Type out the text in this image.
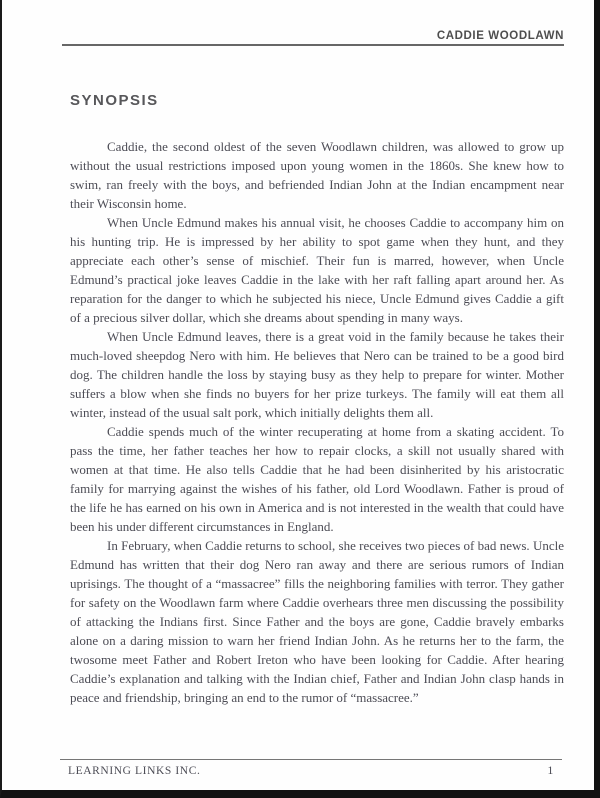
CADDIE WOODLAWN
SYNOPSIS

Caddie, the second oldest of the seven Woodlawn children, was allowed to grow up without the usual restrictions imposed upon young women in the 1860s. She knew how to swim, ran freely with the boys, and befriended Indian John at the Indian encampment near their Wisconsin home.

When Uncle Edmund makes his annual visit, he chooses Caddie to accompany him on his hunting trip. He is impressed by her ability to spot game when they hunt, and they appreciate each other’s sense of mischief. Their fun is marred, however, when Uncle Edmund’s practical joke leaves Caddie in the lake with her raft falling apart around her. As reparation for the danger to which he subjected his niece, Uncle Edmund gives Caddie a gift of a precious silver dollar, which she dreams about spending in many ways.

When Uncle Edmund leaves, there is a great void in the family because he takes their much-loved sheepdog Nero with him. He believes that Nero can be trained to be a good bird dog. The children handle the loss by staying busy as they help to prepare for winter. Mother suffers a blow when she finds no buyers for her prize turkeys. The family will eat them all winter, instead of the usual salt pork, which initially delights them all.

Caddie spends much of the winter recuperating at home from a skating accident. To pass the time, her father teaches her how to repair clocks, a skill not usually shared with women at that time. He also tells Caddie that he had been disinherited by his aristocratic family for marrying against the wishes of his father, old Lord Woodlawn. Father is proud of the life he has earned on his own in America and is not interested in the wealth that could have been his under different circumstances in England.

In February, when Caddie returns to school, she receives two pieces of bad news. Uncle Edmund has written that their dog Nero ran away and there are serious rumors of Indian uprisings. The thought of a “massacree” fills the neighboring families with terror. They gather for safety on the Woodlawn farm where Caddie overhears three men discussing the possibility of attacking the Indians first. Since Father and the boys are gone, Caddie bravely embarks alone on a daring mission to warn her friend Indian John. As he returns her to the farm, the twosome meet Father and Robert Ireton who have been looking for Caddie. After hearing Caddie’s explanation and talking with the Indian chief, Father and Indian John clasp hands in peace and friendship, bringing an end to the rumor of “massacree.”

LEARNING LINKS INC.	1
